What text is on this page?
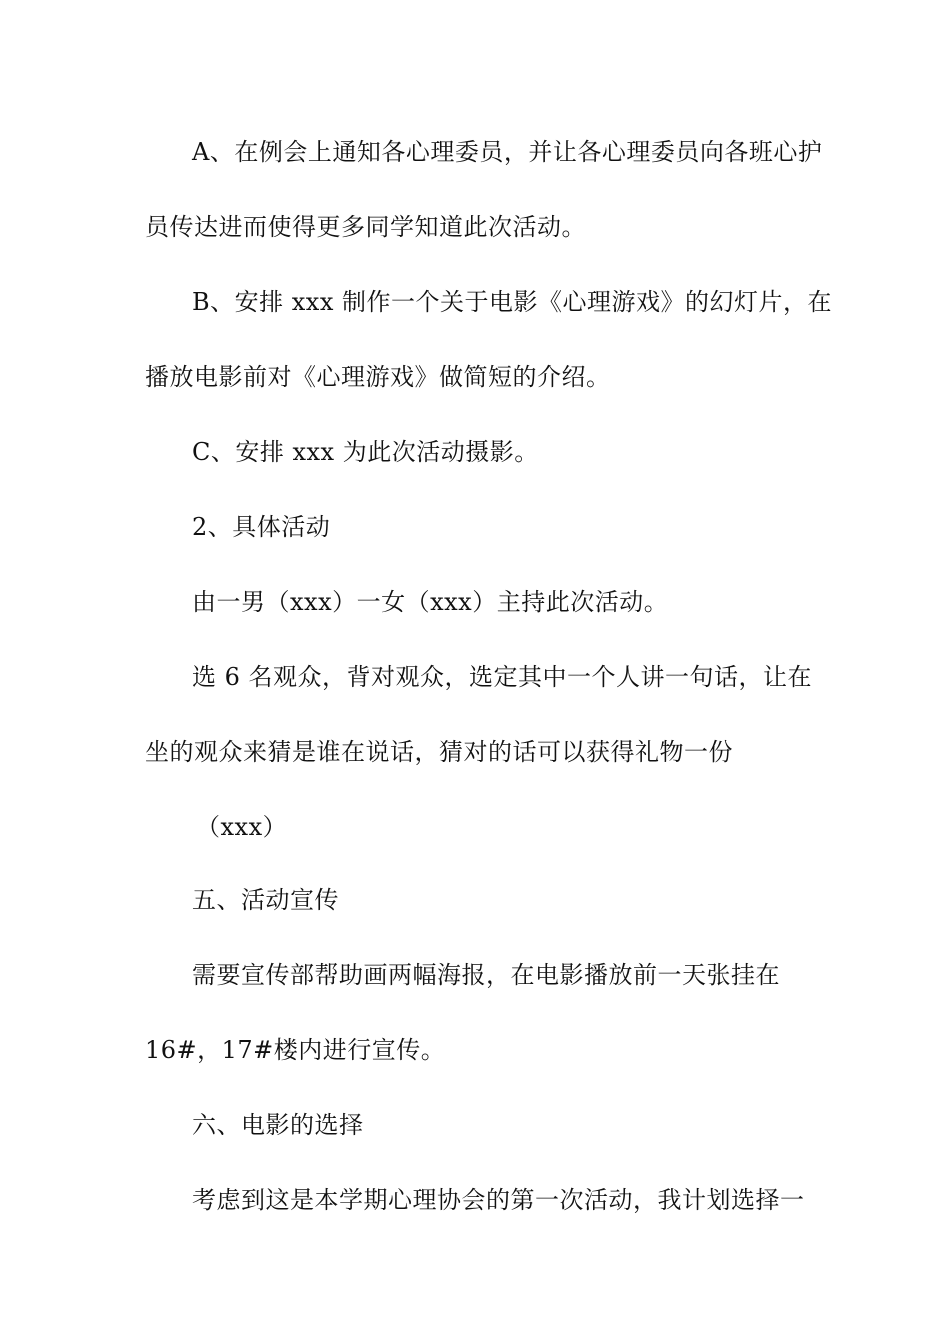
A、在例会上通知各心理委员，并让各心理委员向各班心护
员传达进而使得更多同学知道此次活动。
B、安排 xxx 制作一个关于电影《心理游戏》的幻灯片，在
播放电影前对《心理游戏》做简短的介绍。
C、安排 xxx 为此次活动摄影。
2、具体活动
由一男（xxx）一女（xxx）主持此次活动。
选 6 名观众，背对观众，选定其中一个人讲一句话，让在
坐的观众来猜是谁在说话，猜对的话可以获得礼物一份
（xxx）
五、活动宣传
需要宣传部帮助画两幅海报，在电影播放前一天张挂在
16#，17#楼内进行宣传。
六、电影的选择
考虑到这是本学期心理协会的第一次活动，我计划选择一
